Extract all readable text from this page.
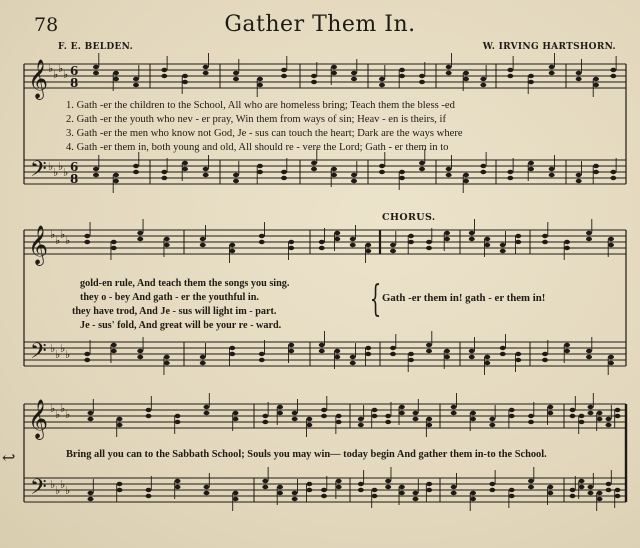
78	Gather Them In.
F. E. BELDEN.	W. IRVING HARTSHORN.
𝄞
𝄢
♭ ♭ ♭ ♭
♭ ♭ ♭ ♭
6
8
6
8
𝄞
𝄢
♭ ♭ ♭ ♭
♭ ♭ ♭ ♭
𝄞
𝄢
♭ ♭ ♭ ♭
♭ ♭ ♭ ♭
1. Gath -er the children to the School, All who are homeless bring; Teach them the bless -ed
2. Gath -er the youth who nev - er pray, Win them from ways of sin; Heav - en is theirs, if
3. Gath -er the men who know not God, Je - sus can touch the heart; Dark are the ways where
4. Gath -er them in, both young and old, All should re - vere the Lord; Gath - er them in to
CHORUS.
gold-en rule, And teach them the songs you sing.
they o - bey And gath - er the youthful in.
they have trod, And Je - sus will light im - part.
Je - sus' fold, And great will be your re - ward.
{ Gath -er them in! gath - er them in!
Bring all you can to the Sabbath School; Souls you may win— today begin And gather them in-to the School.
↩
